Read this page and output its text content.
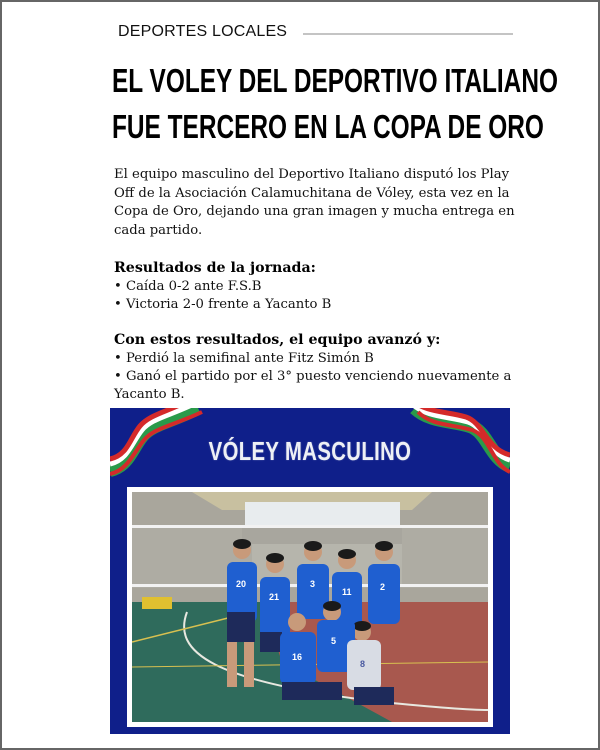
DEPORTES LOCALES
EL VOLEY DEL DEPORTIVO ITALIANO
FUE TERCERO EN LA COPA DE ORO

El equipo masculino del Deportivo Italiano disputó los Play Off de la Asociación Calamuchitana de Vóley, esta vez en la Copa de Oro, dejando una gran imagen y mucha entrega en cada partido.

Resultados de la jornada:
• Caída 0-2 ante F.S.B
• Victoria 2-0 frente a Yacanto B
Con estos resultados, el equipo avanzó y:
• Perdió la semifinal ante Fitz Simón B
• Ganó el partido por el 3° puesto venciendo nuevamente a Yacanto B.
VÓLEY MASCULINO
20
21
3
11	2
16
5
8
